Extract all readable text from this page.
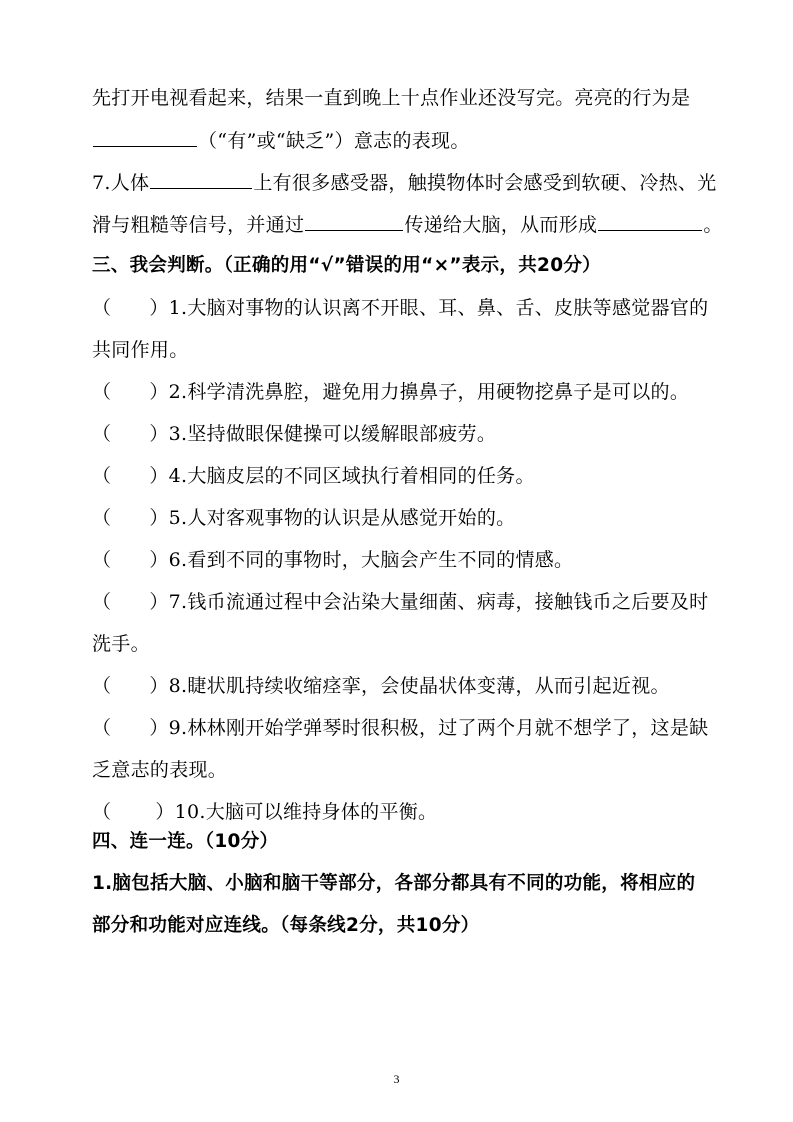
先打开电视看起来，结果一直到晚上十点作业还没写完。亮亮的行为是
（“有”或“缺乏”）意志的表现。
7.人体	上有很多感受器，触摸物体时会感受到软硬、冷热、光
滑与粗糙等信号，并通过	传递给大脑，从而形成	。
三、我会判断。（正确的用“√”错误的用“×”表示，共20分）
（ ）1.大脑对事物的认识离不开眼、耳、鼻、舌、皮肤等感觉器官的
共同作用。
（ ）2.科学清洗鼻腔，避免用力擤鼻子，用硬物挖鼻子是可以的。
（ ）3.坚持做眼保健操可以缓解眼部疲劳。
（ ）4.大脑皮层的不同区域执行着相同的任务。
（ ）5.人对客观事物的认识是从感觉开始的。
（ ）6.看到不同的事物时，大脑会产生不同的情感。
（ ）7.钱币流通过程中会沾染大量细菌、病毒，接触钱币之后要及时
洗手。
（ ）8.睫状肌持续收缩痉挛，会使晶状体变薄，从而引起近视。
（ ）9.林林刚开始学弹琴时很积极，过了两个月就不想学了，这是缺
乏意志的表现。
（ ）10.大脑可以维持身体的平衡。
四、连一连。（10分）
1.脑包括大脑、小脑和脑干等部分，各部分都具有不同的功能，将相应的
部分和功能对应连线。（每条线2分，共10分）
3
